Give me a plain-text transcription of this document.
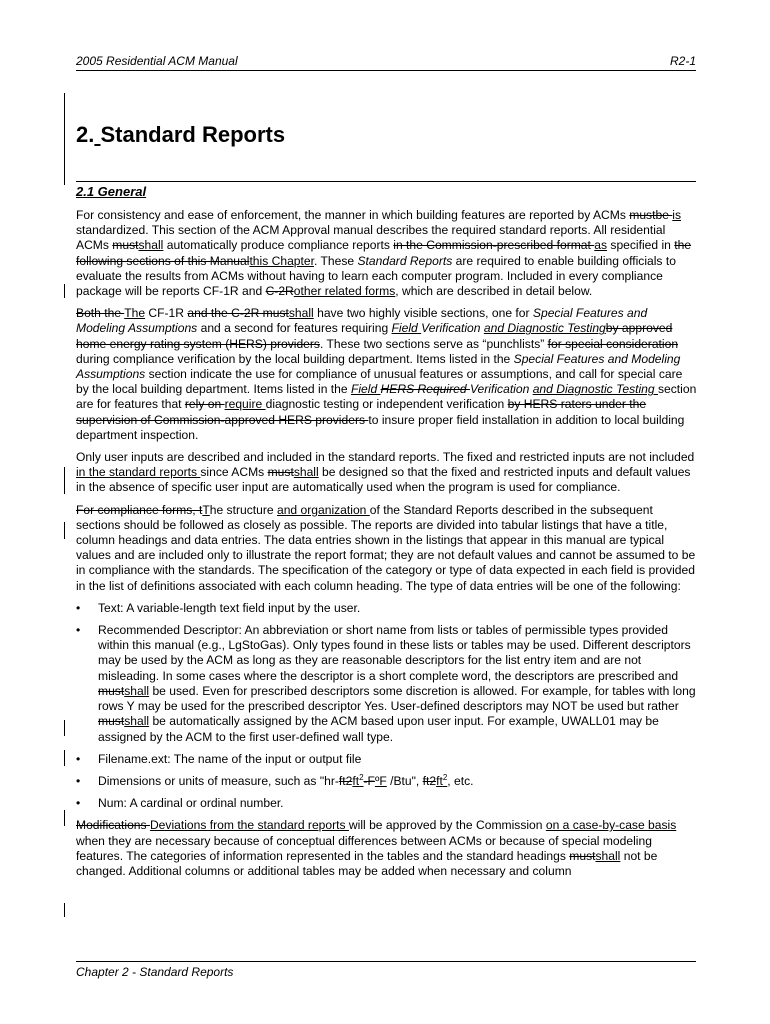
2005 Residential ACM Manual	R2-1
2. Standard Reports
2.1 General

For consistency and ease of enforcement, the manner in which building features are reported by ACMs mustbe is standardized. This section of the ACM Approval manual describes the required standard reports. All residential ACMs mustshall automatically produce compliance reports in the Commission-prescribed format as specified in the following sections of this Manualthis Chapter. These Standard Reports are required to enable building officials to evaluate the results from ACMs without having to learn each computer program. Included in every compliance package will be reports CF-1R and C-2Rother related forms, which are described in detail below.

Both the The CF-1R and the C-2R mustshall have two highly visible sections, one for Special Features and Modeling Assumptions and a second for features requiring Field Verification and Diagnostic Testingby approved home energy rating system (HERS) providers. These two sections serve as “punchlists” for special consideration during compliance verification by the local building department. Items listed in the Special Features and Modeling Assumptions section indicate the use for compliance of unusual features or assumptions, and call for special care by the local building department. Items listed in the Field HERS Required Verification and Diagnostic Testing section are for features that rely on require diagnostic testing or independent verification by HERS raters under the supervision of Commission-approved HERS providers to insure proper field installation in addition to local building department inspection.

Only user inputs are described and included in the standard reports. The fixed and restricted inputs are not included in the standard reports since ACMs mustshall be designed so that the fixed and restricted inputs and default values in the absence of specific user input are automatically used when the program is used for compliance.

For compliance forms, tThe structure and organization of the Standard Reports described in the subsequent sections should be followed as closely as possible. The reports are divided into tabular listings that have a title, column headings and data entries. The data entries shown in the listings that appear in this manual are typical values and are included only to illustrate the report format; they are not default values and cannot be assumed to be in compliance with the standards. The specification of the category or type of data expected in each field is provided in the list of definitions associated with each column heading. The type of data entries will be one of the following:

• Text: A variable-length text field input by the user.
• Recommended Descriptor: An abbreviation or short name from lists or tables of permissible types provided within this manual (e.g., LgStoGas). Only types found in these lists or tables may be used. Different descriptors may be used by the ACM as long as they are reasonable descriptors for the list entry item and are not misleading. In some cases where the descriptor is a short complete word, the descriptors are prescribed and mustshall be used. Even for prescribed descriptors some discretion is allowed. For example, for tables with long rows Y may be used for the prescribed descriptor Yes. User-defined descriptors may NOT be used but rather mustshall be automatically assigned by the ACM based upon user input. For example, UWALL01 may be assigned by the ACM to the first user-defined wall type.
• Filename.ext: The name of the input or output file
• Dimensions or units of measure, such as "$hr-ft2ft^2$-FºF /Btu", $ft2ft^2$, etc.
• Num: A cardinal or ordinal number.

Modifications Deviations from the standard reports will be approved by the Commission on a case-by-case basis when they are necessary because of conceptual differences between ACMs or because of special modeling features. The categories of information represented in the tables and the standard headings mustshall not be changed. Additional columns or additional tables may be added when necessary and column

Chapter 2 - Standard Reports
